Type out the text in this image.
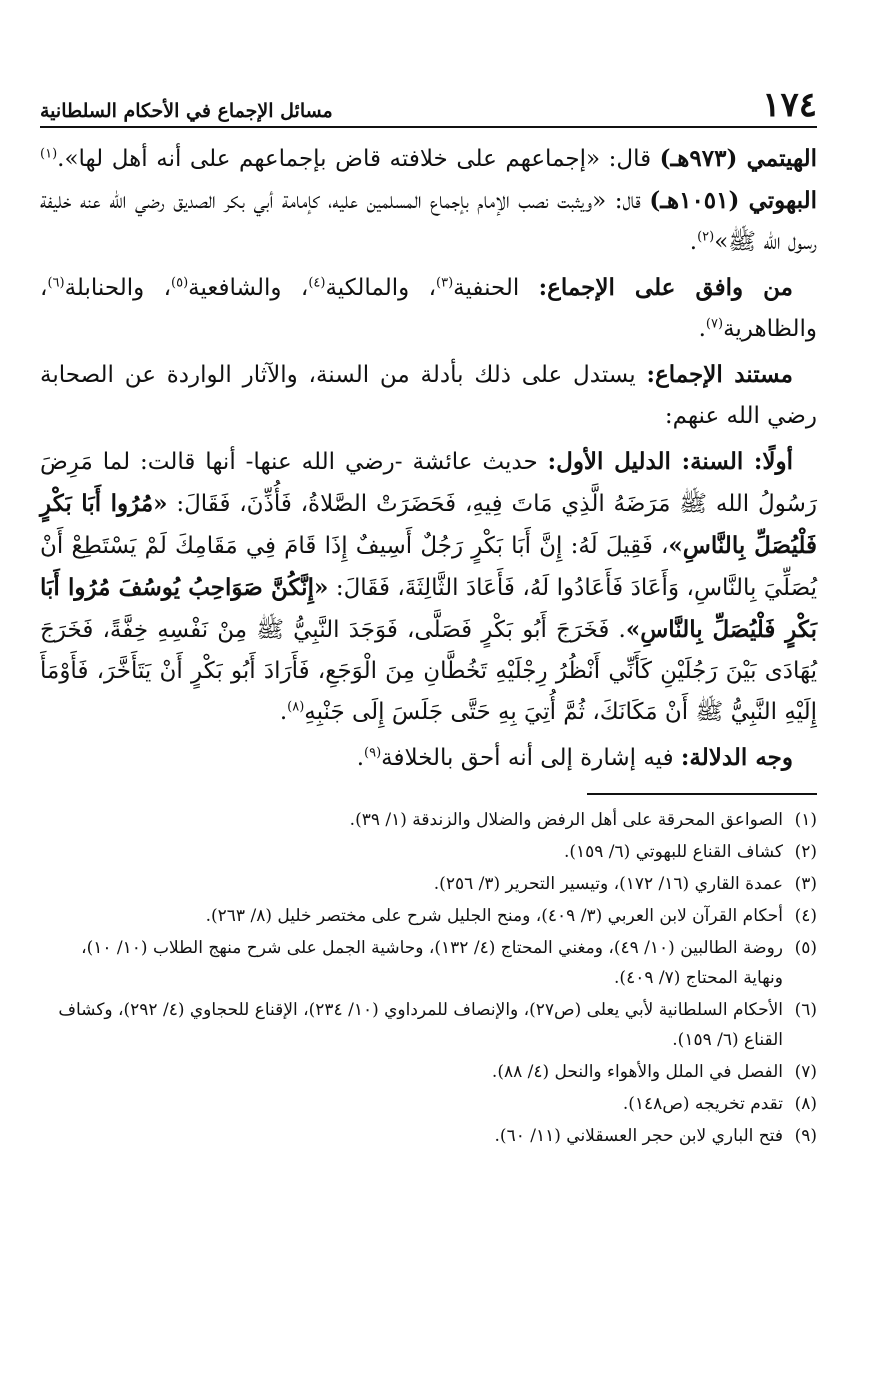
١٧٤
مسائل الإجماع في الأحكام السلطانية

الهيتمي (٩٧٣هـ) قال: «إجماعهم على خلافته قاض بإجماعهم على أنه أهل لها».$^{(١)}$ البهوتي (١٠٥١هـ) قال: «ويثبت نصب الإمام بإجماع المسلمين عليه، كإمامة أبي بكر الصديق رضي الله عنه خليفة رسول الله ﷺ»$^{(٢)}$.

من وافق على الإجماع: الحنفية$^{(٣)}$، والمالكية$^{(٤)}$، والشافعية$^{(٥)}$، والحنابلة$^{(٦)}$، والظاهرية$^{(٧)}$.

مستند الإجماع: يستدل على ذلك بأدلة من السنة، والآثار الواردة عن الصحابة رضي الله عنهم:

أولًا: السنة: الدليل الأول: حديث عائشة -رضي الله عنها- أنها قالت: لما مَرِضَ رَسُولُ الله ﷺ مَرَضَهُ الَّذِي مَاتَ فِيهِ، فَحَضَرَتْ الصَّلاةُ، فَأُذِّنَ، فَقَالَ: «مُرُوا أَبَا بَكْرٍ فَلْيُصَلِّ بِالنَّاسِ»، فَقِيلَ لَهُ: إِنَّ أَبَا بَكْرٍ رَجُلٌ أَسِيفٌ إِذَا قَامَ فِي مَقَامِكَ لَمْ يَسْتَطِعْ أَنْ يُصَلِّيَ بِالنَّاسِ، وَأَعَادَ فَأَعَادُوا لَهُ، فَأَعَادَ الثَّالِثَةَ، فَقَالَ: «إِنَّكُنَّ صَوَاحِبُ يُوسُفَ مُرُوا أَبَا بَكْرٍ فَلْيُصَلِّ بِالنَّاسِ». فَخَرَجَ أَبُو بَكْرٍ فَصَلَّى، فَوَجَدَ النَّبِيُّ ﷺ مِنْ نَفْسِهِ خِفَّةً، فَخَرَجَ يُهَادَى بَيْنَ رَجُلَيْنِ كَأَنِّي أَنْظُرُ رِجْلَيْهِ تَخُطَّانِ مِنَ الْوَجَعِ، فَأَرَادَ أَبُو بَكْرٍ أَنْ يَتَأَخَّرَ، فَأَوْمَأَ إِلَيْهِ النَّبِيُّ ﷺ أَنْ مَكَانَكَ، ثُمَّ أُتِيَ بِهِ حَتَّى جَلَسَ إِلَى جَنْبِهِ$^{(٨)}$.

وجه الدلالة: فيه إشارة إلى أنه أحق بالخلافة$^{(٩)}$.

(١)
الصواعق المحرقة على أهل الرفض والضلال والزندقة (١/ ٣٩).
(٢)
كشاف القناع للبهوتي (٦/ ١٥٩).
(٣)
عمدة القاري (١٦/ ١٧٢)، وتيسير التحرير (٣/ ٢٥٦).
(٤)
أحكام القرآن لابن العربي (٣/ ٤٠٩)، ومنح الجليل شرح على مختصر خليل (٨/ ٢٦٣).
(٥)
روضة الطالبين (١٠/ ٤٩)، ومغني المحتاج (٤/ ١٣٢)، وحاشية الجمل على شرح منهج الطلاب (١٠/ ١٠)، ونهاية المحتاج (٧/ ٤٠٩).
(٦)
الأحكام السلطانية لأبي يعلى (ص٢٧)، والإنصاف للمرداوي (١٠/ ٢٣٤)، الإقناع للحجاوي (٤/ ٢٩٢)، وكشاف القناع (٦/ ١٥٩).
(٧)
الفصل في الملل والأهواء والنحل (٤/ ٨٨).
(٨)
تقدم تخريجه (ص١٤٨).
(٩)
فتح الباري لابن حجر العسقلاني (١١/ ٦٠).
